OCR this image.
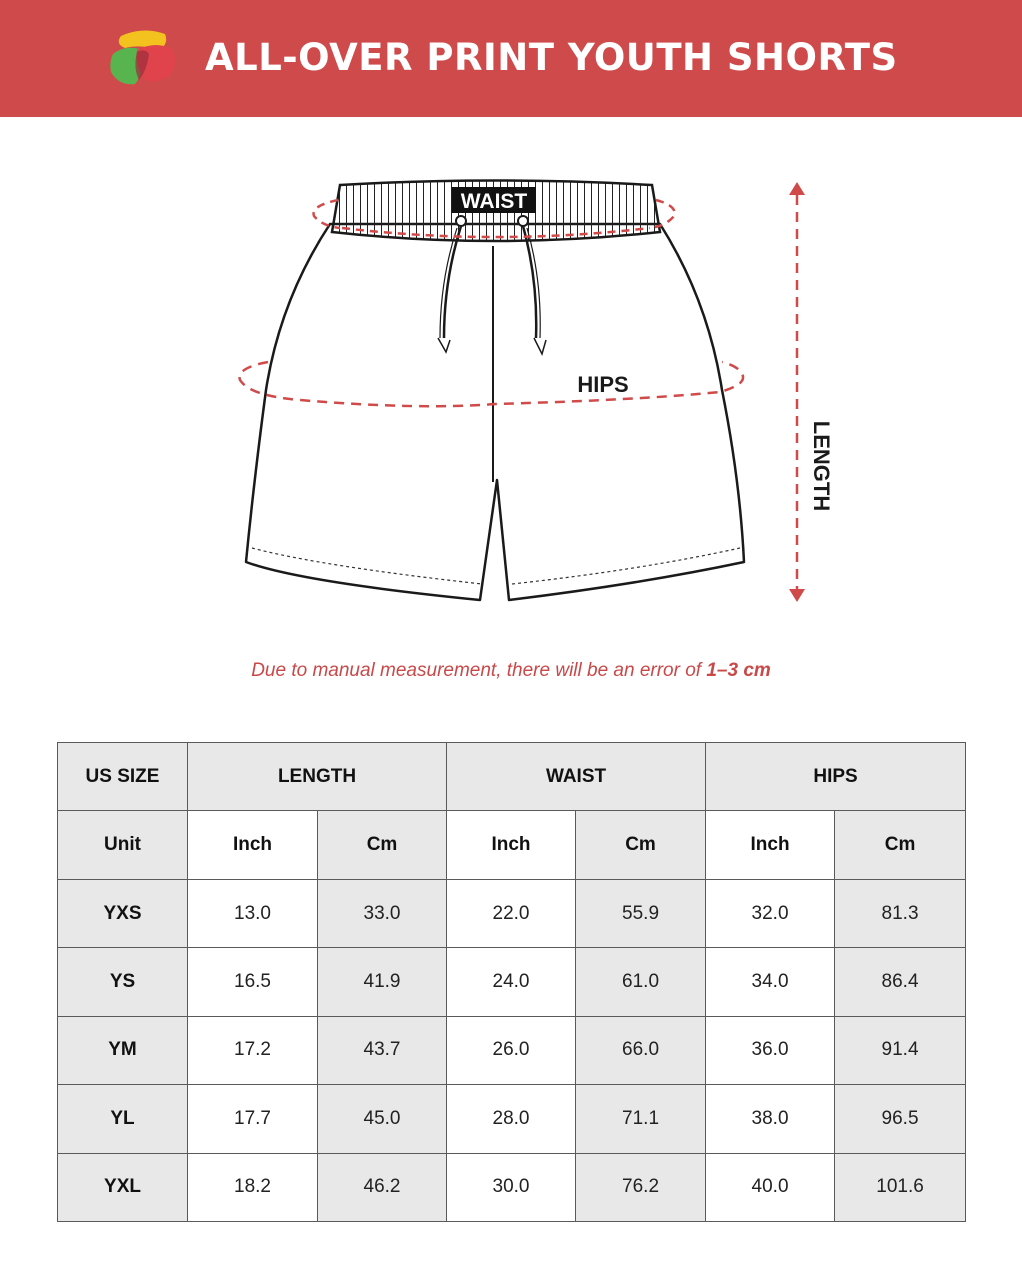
ALL-OVER PRINT YOUTH SHORTS
WAIST
HIPS
LENGTH
Due to manual measurement, there will be an error of 1–3 cm
US SIZE	LENGTH		WAIST		HIPS	
Unit	Inch	Cm	Inch	Cm	Inch	Cm
YXS	13.0	33.0	22.0	55.9	32.0	81.3
YS	16.5	41.9	24.0	61.0	34.0	86.4
YM	17.2	43.7	26.0	66.0	36.0	91.4
YL	17.7	45.0	28.0	71.1	38.0	96.5
YXL	18.2	46.2	30.0	76.2	40.0	101.6
